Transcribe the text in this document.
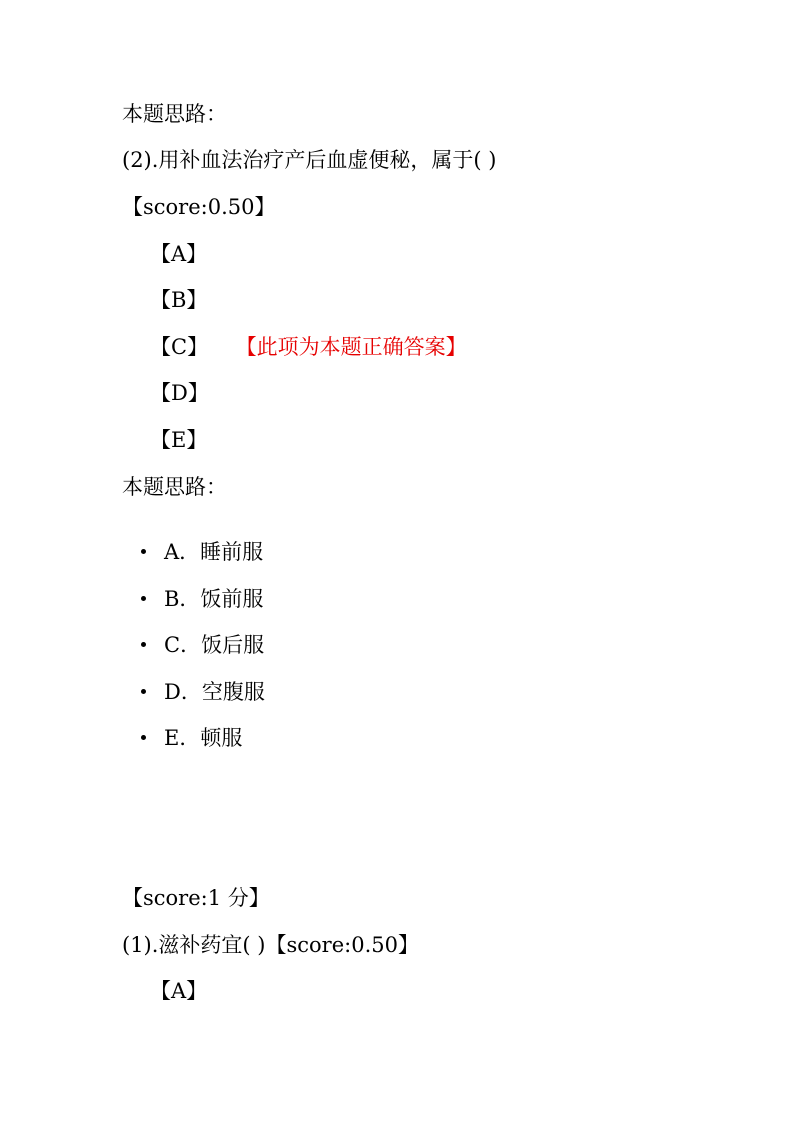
本题思路：
(2).用补血法治疗产后血虚便秘，属于( )
【score:0.50】
【A】
【B】
【C】 【此项为本题正确答案】
【D】
【E】
本题思路：
A．睡前服
B．饭前服
C．饭后服
D．空腹服
E．顿服
【score:1 分】
(1).滋补药宜( )【score:0.50】
【A】
